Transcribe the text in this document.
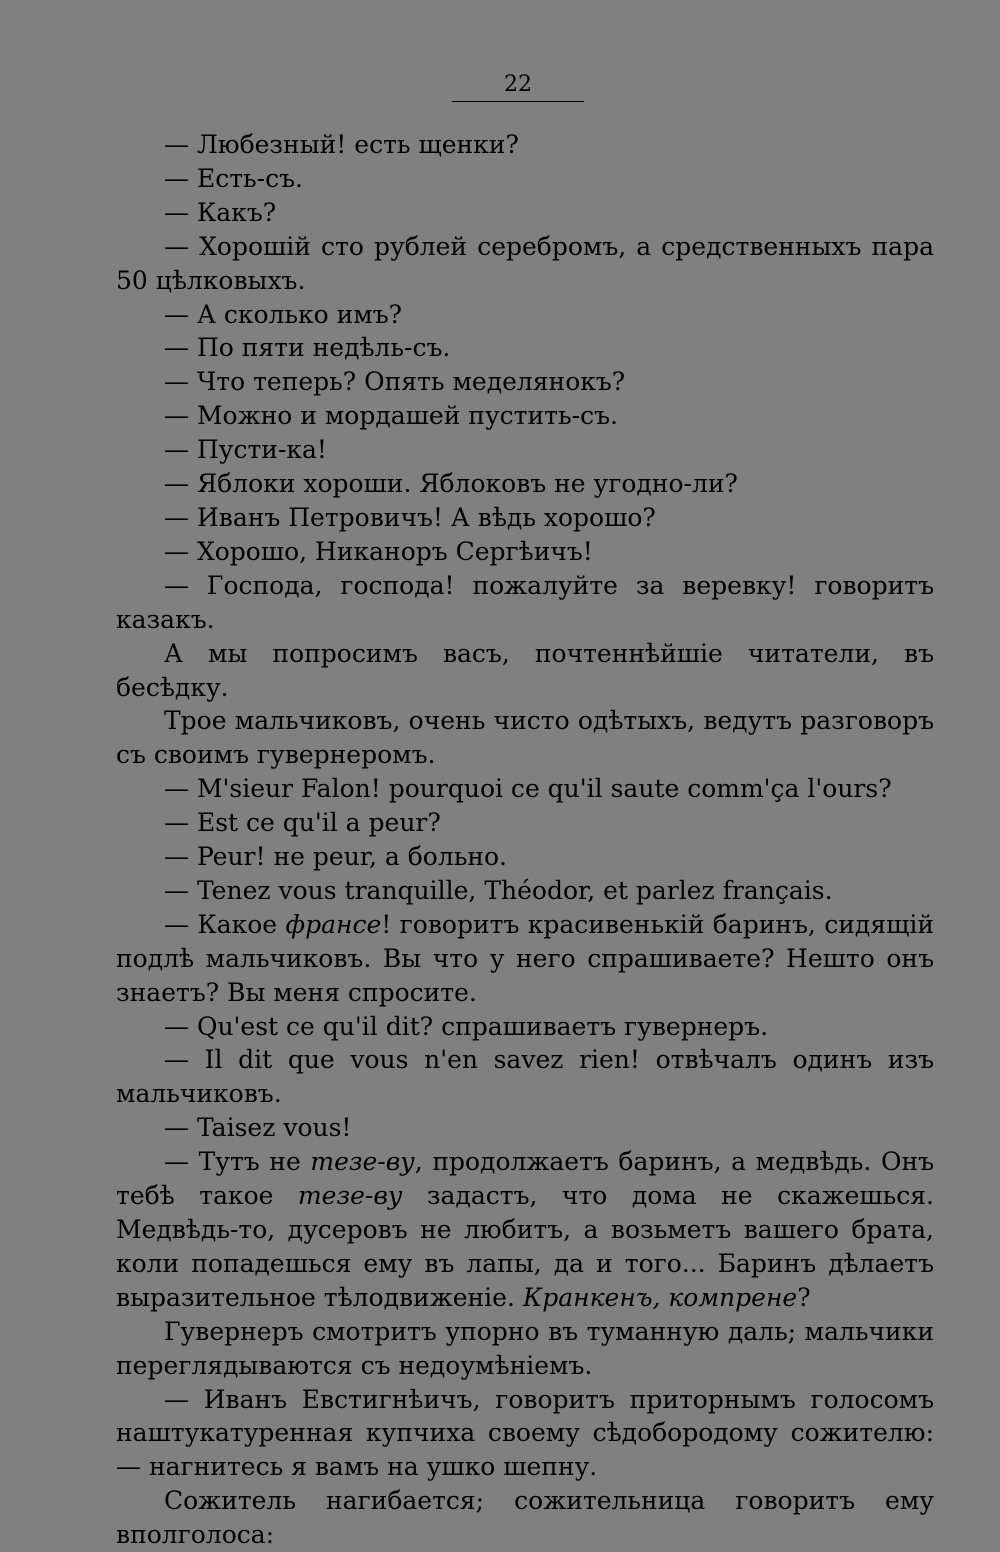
22

— Любезный! есть щенки?

— Есть-съ.

— Какъ?

— Хорошій сто рублей серебромъ, а средственныхъ пара 50 цѣлковыхъ.

— А сколько имъ?

— По пяти недѣль-съ.

— Что теперь? Опять меделянокъ?

— Можно и мордашей пустить-съ.

— Пусти-ка!

— Яблоки хороши. Яблоковъ не угодно-ли?

— Иванъ Петровичъ! А вѣдь хорошо?

— Хорошо, Никаноръ Сергѣичъ!

— Господа, господа! пожалуйте за веревку! говоритъ казакъ.

А мы попросимъ васъ, почтеннѣйшіе читатели, въ бесѣдку.

Трое мальчиковъ, очень чисто одѣтыхъ, ведутъ разговоръ съ своимъ гувернеромъ.

— M'sieur Falon! pourquoi ce qu'il saute comm'ça l'ours?

— Est ce qu'il a peur?

— Peur! не peur, а больно.

— Tenez vous tranquille, Théodor, et parlez français.

— Какое франсе! говоритъ красивенькій баринъ, сидящій подлѣ мальчиковъ. Вы что у него спрашиваете? Нешто онъ знаетъ? Вы меня спросите.

— Qu'est ce qu'il dit? спрашиваетъ гувернеръ.

— Il dit que vous n'en savez rien! отвѣчалъ одинъ изъ мальчиковъ.

— Taisez vous!

— Тутъ не тезе-ву, продолжаетъ баринъ, а медвѣдь. Онъ тебѣ такое тезе-ву задастъ, что дома не скажешься. Медвѣдь-то, дусеровъ не любитъ, а возьметъ вашего брата, коли попадешься ему въ лапы, да и того... Баринъ дѣлаетъ выразительное тѣлодвиженіе. Кранкенъ, компрене?

Гувернеръ смотритъ упорно въ туманную даль; мальчики переглядываются съ недоумѣніемъ.

— Иванъ Евстигнѣичъ, говоритъ приторнымъ голосомъ наштукатуренная купчиха своему сѣдобородому сожителю: — нагнитесь я вамъ на ушко шепну.

Сожитель нагибается; сожительница говоритъ ему вполголоса:
